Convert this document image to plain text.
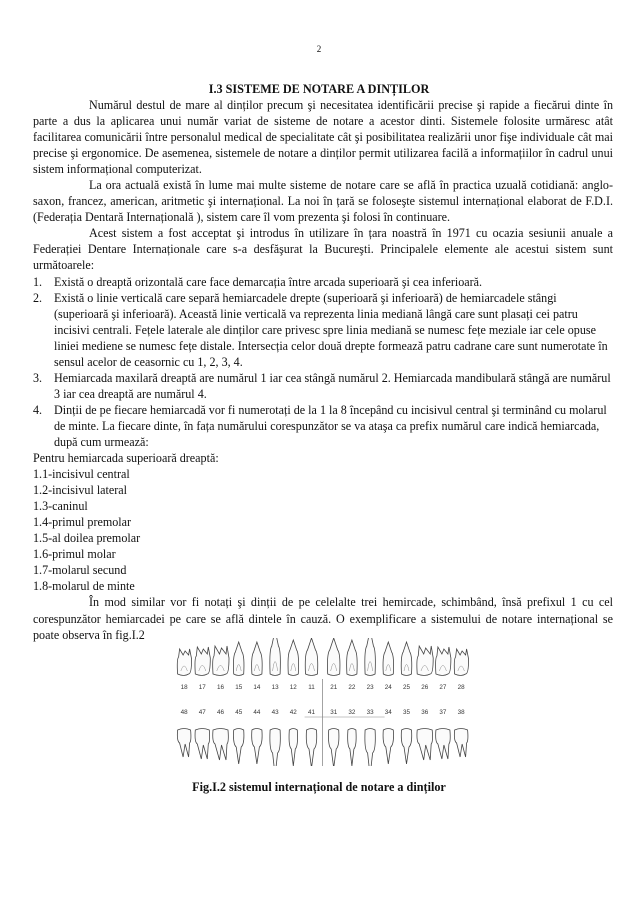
2
I.3 SISTEME DE NOTARE A DINȚILOR

Numărul destul de mare al dinților precum şi necesitatea identificării precise şi rapide a fiecărui dinte în parte a dus la aplicarea unui număr variat de sisteme de notare a acestor dinti. Sistemele folosite urmăresc atât facilitarea comunicării între personalul medical de specialitate cât şi posibilitatea realizării unor fişe individuale cât mai precise şi ergonomice. De asemenea, sistemele de notare a dinților permit utilizarea facilă a informațiilor în cadrul unui sistem informațional computerizat.

La ora actuală există în lume mai multe sisteme de notare care se află în practica uzuală cotidiană: anglo-saxon, francez, american, aritmetic şi internațional. La noi în țară se foloseşte sistemul internațional elaborat de F.D.I.(Federația Dentară Internațională ), sistem care îl vom prezenta şi folosi în continuare.

Acest sistem a fost acceptat şi introdus în utilizare în țara noastră în 1971 cu ocazia sesiunii anuale a Federației Dentare Internaționale care s-a desfăşurat la Bucureşti. Principalele elemente ale acestui sistem sunt următoarele:

1. Există o dreaptă orizontală care face demarcația între arcada superioară şi cea inferioară.
2. Există o linie verticală care separă hemiarcadele drepte (superioară şi inferioară) de hemiarcadele stângi (superioară şi inferioară). Această linie verticală va reprezenta linia mediană lângă care sunt plasați cei patru incisivi centrali. Fețele laterale ale dinților care privesc spre linia mediană se numesc fețe meziale iar cele opuse liniei mediene se numesc fețe distale. Intersecția celor două drepte formează patru cadrane care sunt numerotate în sensul acelor de ceasornic cu 1, 2, 3, 4.
3. Hemiarcada maxilară dreaptă are numărul 1 iar cea stângă numărul 2. Hemiarcada mandibulară stângă are numărul 3 iar cea dreaptă are numărul 4.
4. Dinții de pe fiecare hemiarcadă vor fi numerotați de la 1 la 8 începând cu incisivul central şi terminând cu molarul de minte. La fiecare dinte, în fața numărului corespunzător se va ataşa ca prefix numărul care indică hemiarcada, după cum urmează:

Pentru hemiarcada superioară dreaptă:

1.1-incisivul central
1.2-incisivul lateral
1.3-caninul
1.4-primul premolar
1.5-al doilea premolar
1.6-primul molar
1.7-molarul secund
1.8-molarul de minte

În mod similar vor fi notați şi dinții de pe celelalte trei hemircade, schimbând, însă prefixul 1 cu cel corespunzător hemiarcadei pe care se află dintele în cauză. O exemplificare a sistemului de notare internațional se poate observa în fig.I.2

18
48
17
47
16
46
15
45
14
44
13
43
12
42
11
41
21
31
22
32
23
33
24
34
25
35
26
36
27
37
28
38
Fig.I.2 sistemul internațional de notare a dinților
